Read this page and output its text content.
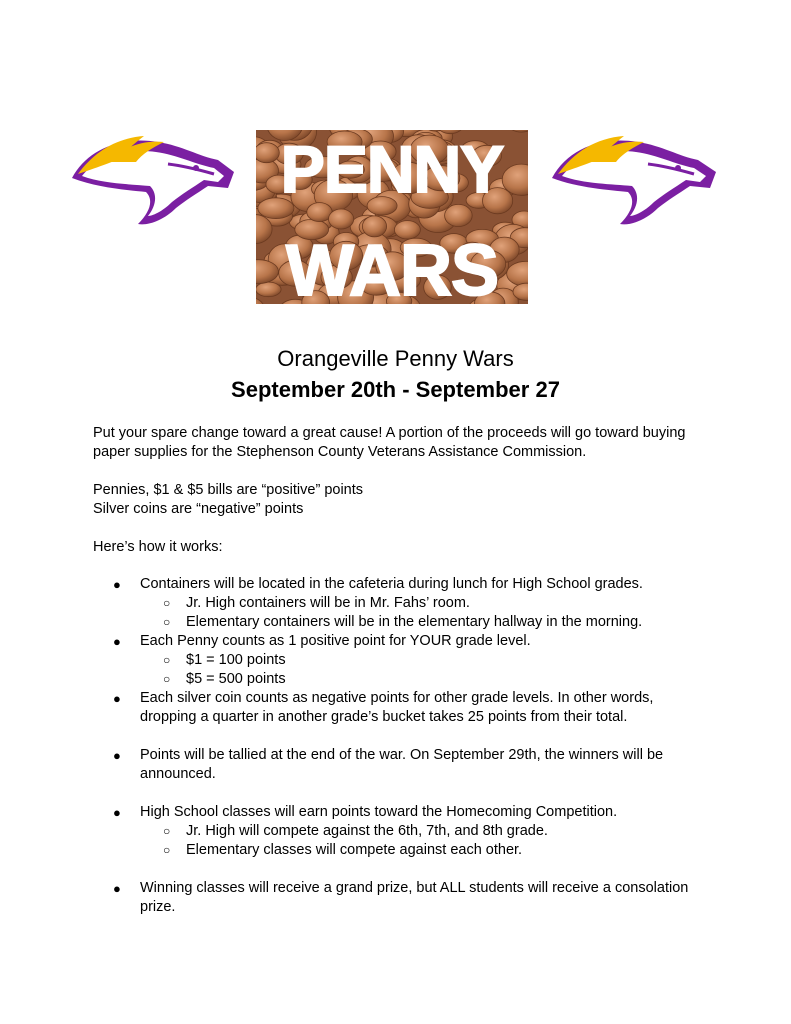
PENNY
WARS
Orangeville Penny Wars
September 20th - September 27
Put your spare change toward a great cause! A portion of the proceeds will go toward buying
paper supplies for the Stephenson County Veterans Assistance Commission.
Pennies, $1 & $5 bills are “positive” points
Silver coins are “negative” points
Here’s how it works:
● Containers will be located in the cafeteria during lunch for High School grades.
○ Jr. High containers will be in Mr. Fahs’ room.
○ Elementary containers will be in the elementary hallway in the morning.
● Each Penny counts as 1 positive point for YOUR grade level.
○ $1 = 100 points
○ $5 = 500 points
● Each silver coin counts as negative points for other grade levels. In other words,
dropping a quarter in another grade’s bucket takes 25 points from their total.
● Points will be tallied at the end of the war. On September 29th, the winners will be
announced.
● High School classes will earn points toward the Homecoming Competition.
○ Jr. High will compete against the 6th, 7th, and 8th grade.
○ Elementary classes will compete against each other.
● Winning classes will receive a grand prize, but ALL students will receive a consolation
prize.
